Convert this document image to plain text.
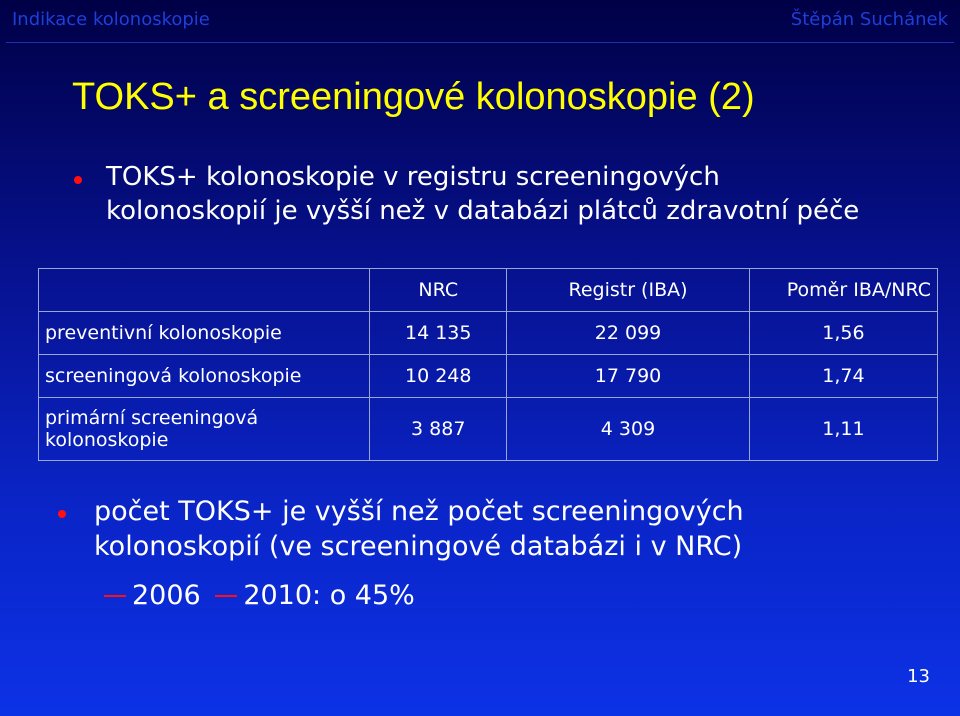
Indikace kolonoskopie	Štěpán Suchánek
TOKS+ a screeningové kolonoskopie (2)
TOKS+ kolonoskopie v registru screeningových kolonoskopií je vyšší než v databázi plátců zdravotní péče
	NRC	Registr (IBA)	Poměr IBA/NRC
preventivní kolonoskopie	14 135	22 099	1,56
screeningová kolonoskopie	10 248	17 790	1,74
primární screeningová kolonoskopie	3 887	4 309	1,11
počet TOKS+ je vyšší než počet screeningových kolonoskopií (ve screeningové databázi i v NRC)
2006 2010: o 45%
13
